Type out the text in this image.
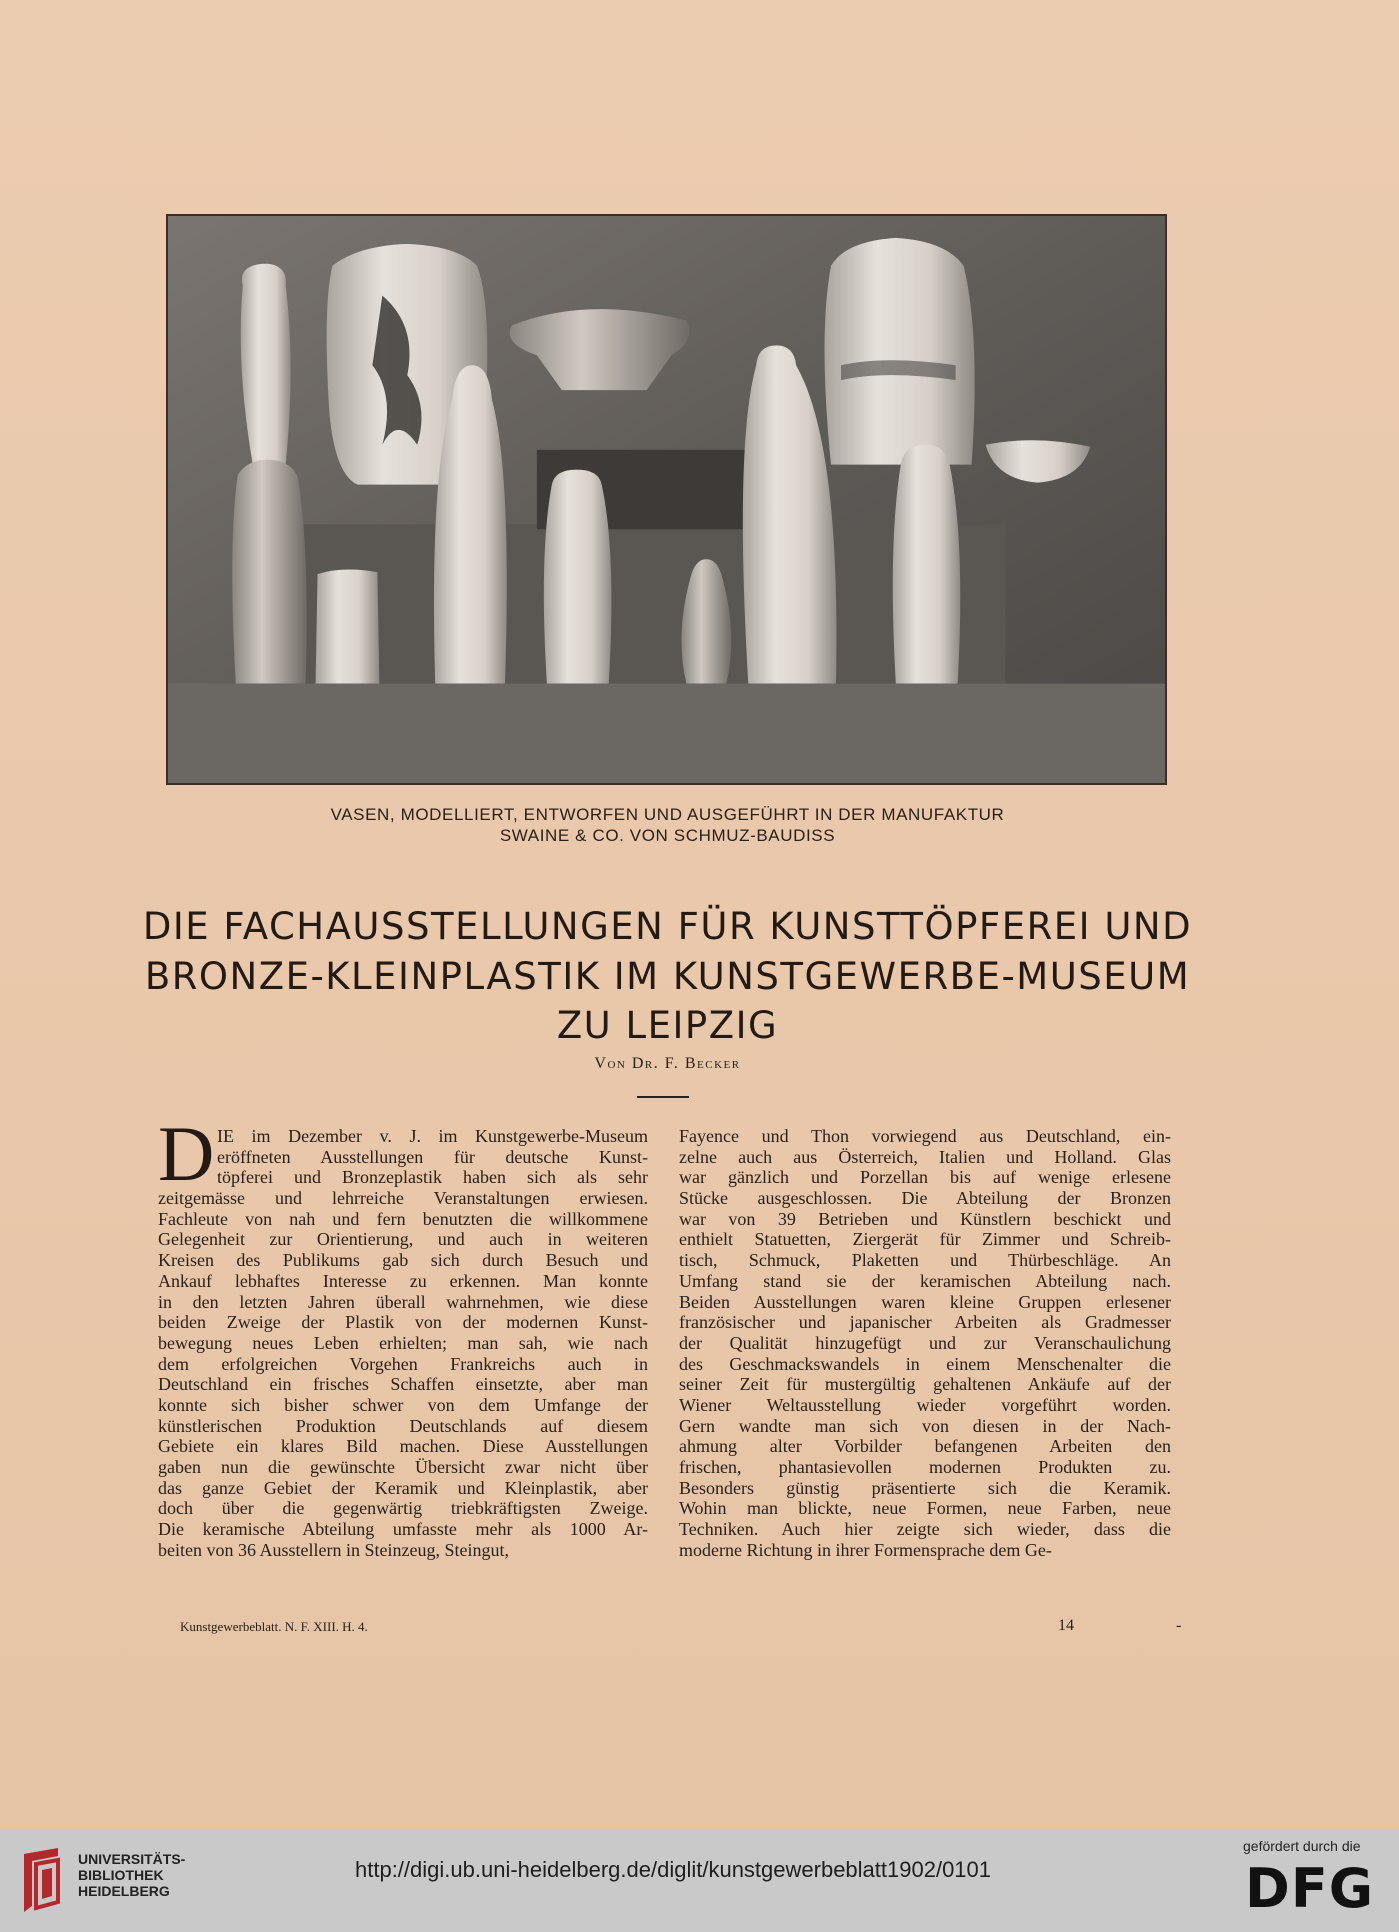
VASEN, MODELLIERT, ENTWORFEN UND AUSGEFÜHRT IN DER MANUFAKTUR
SWAINE & CO. VON SCHMUZ-BAUDISS
DIE FACHAUSSTELLUNGEN FÜR KUNSTTÖPFEREI UND
BRONZE-KLEINPLASTIK IM KUNSTGEWERBE-MUSEUM
ZU LEIPZIG
Von Dr. F. Becker
D IE im Dezember v. J. im Kunstgewerbe-Museum
eröffneten Ausstellungen für deutsche Kunst-
töpferei und Bronzeplastik haben sich als sehr
zeitgemässe und lehrreiche Veranstaltungen erwiesen.
Fachleute von nah und fern benutzten die willkommene
Gelegenheit zur Orientierung, und auch in weiteren
Kreisen des Publikums gab sich durch Besuch und
Ankauf lebhaftes Interesse zu erkennen. Man konnte
in den letzten Jahren überall wahrnehmen, wie diese
beiden Zweige der Plastik von der modernen Kunst-
bewegung neues Leben erhielten; man sah, wie nach
dem erfolgreichen Vorgehen Frankreichs auch in
Deutschland ein frisches Schaffen einsetzte, aber man
konnte sich bisher schwer von dem Umfange der
künstlerischen Produktion Deutschlands auf diesem
Gebiete ein klares Bild machen. Diese Ausstellungen
gaben nun die gewünschte Übersicht zwar nicht über
das ganze Gebiet der Keramik und Kleinplastik, aber
doch über die gegenwärtig triebkräftigsten Zweige.
Die keramische Abteilung umfasste mehr als 1000 Ar-
beiten von 36 Ausstellern in Steinzeug, Steingut,
Fayence und Thon vorwiegend aus Deutschland, ein-
zelne auch aus Österreich, Italien und Holland. Glas
war gänzlich und Porzellan bis auf wenige erlesene
Stücke ausgeschlossen. Die Abteilung der Bronzen
war von 39 Betrieben und Künstlern beschickt und
enthielt Statuetten, Ziergerät für Zimmer und Schreib-
tisch, Schmuck, Plaketten und Thürbeschläge. An
Umfang stand sie der keramischen Abteilung nach.
Beiden Ausstellungen waren kleine Gruppen erlesener
französischer und japanischer Arbeiten als Gradmesser
der Qualität hinzugefügt und zur Veranschaulichung
des Geschmackswandels in einem Menschenalter die
seiner Zeit für mustergültig gehaltenen Ankäufe auf der
Wiener Weltausstellung wieder vorgeführt worden.
Gern wandte man sich von diesen in der Nach-
ahmung alter Vorbilder befangenen Arbeiten den
frischen, phantasievollen modernen Produkten zu.
Besonders günstig präsentierte sich die Keramik.
Wohin man blickte, neue Formen, neue Farben, neue
Techniken. Auch hier zeigte sich wieder, dass die
moderne Richtung in ihrer Formensprache dem Ge-
Kunstgewerbeblatt. N. F. XIII. H. 4.	14	-
UNIVERSITÄTS-
BIBLIOTHEK
HEIDELBERG
http://digi.ub.uni-heidelberg.de/diglit/kunstgewerbeblatt1902/0101
gefördert durch die
DFG
